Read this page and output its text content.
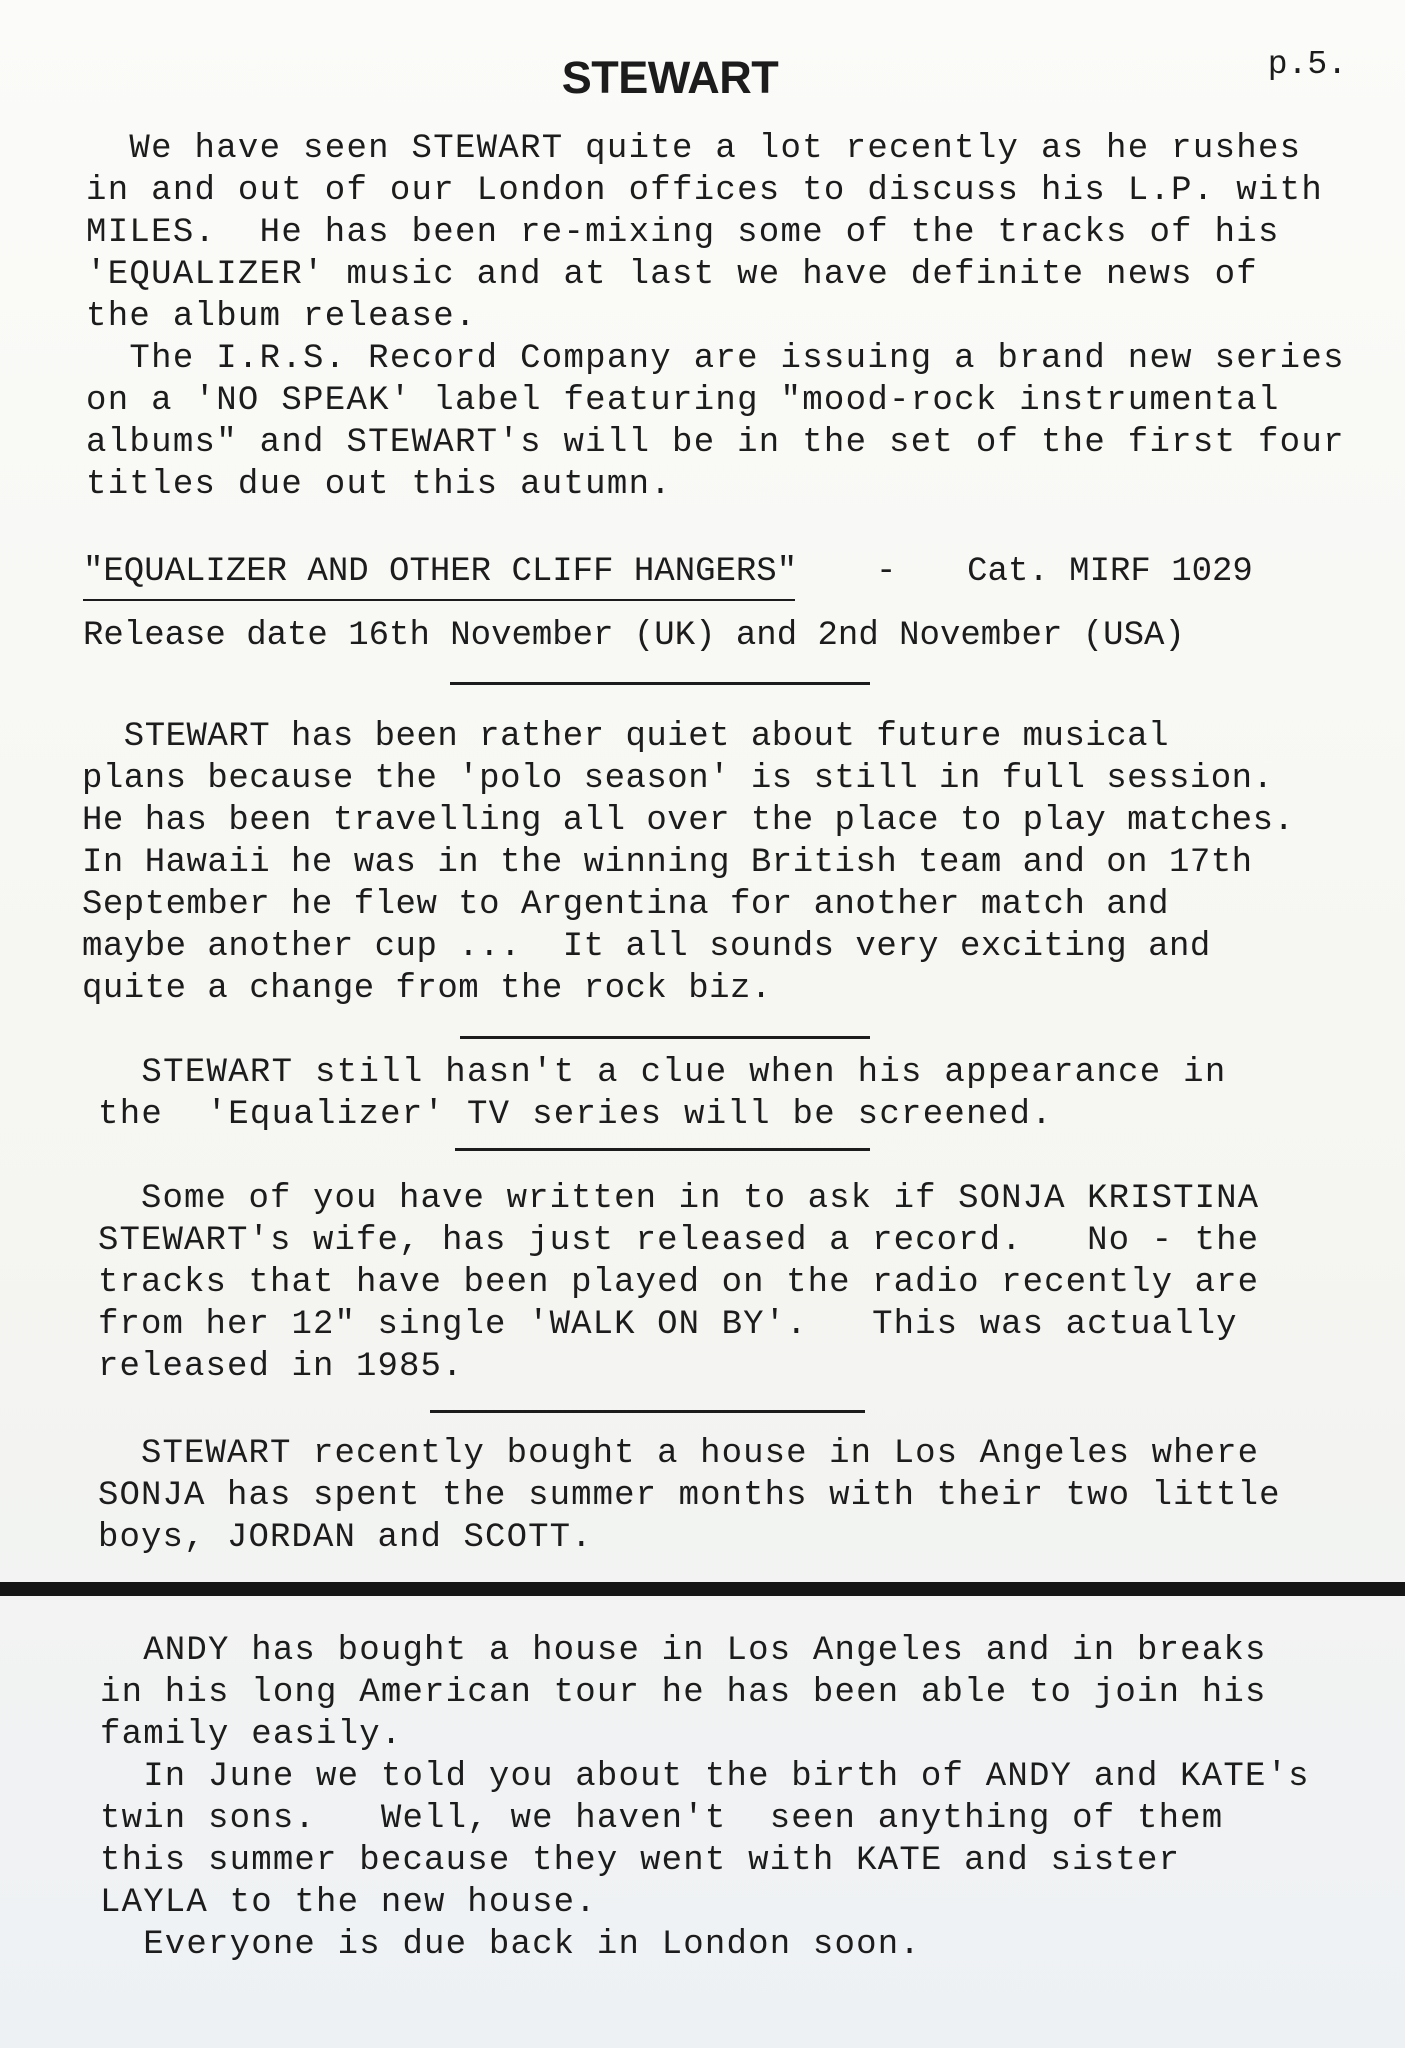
STEWART	p.5.
We have seen STEWART quite a lot recently as he rushes
in and out of our London offices to discuss his L.P. with
MILES.  He has been re-mixing some of the tracks of his
'EQUALIZER' music and at last we have definite news of
the album release.
The I.R.S. Record Company are issuing a brand new series
on a 'NO SPEAK' label featuring "mood-rock instrumental
albums" and STEWART's will be in the set of the first four
titles due out this autumn.
"EQUALIZER AND OTHER CLIFF HANGERS" - Cat. MIRF 1029
Release date 16th November (UK) and 2nd November (USA)
STEWART has been rather quiet about future musical
plans because the 'polo season' is still in full session.
He has been travelling all over the place to play matches.
In Hawaii he was in the winning British team and on 17th
September he flew to Argentina for another match and
maybe another cup ...  It all sounds very exciting and
quite a change from the rock biz.
STEWART still hasn't a clue when his appearance in
the  'Equalizer' TV series will be screened.
Some of you have written in to ask if SONJA KRISTINA
STEWART's wife, has just released a record.   No - the
tracks that have been played on the radio recently are
from her 12" single 'WALK ON BY'.   This was actually
released in 1985.
STEWART recently bought a house in Los Angeles where
SONJA has spent the summer months with their two little
boys, JORDAN and SCOTT.
ANDY has bought a house in Los Angeles and in breaks
in his long American tour he has been able to join his
family easily.
In June we told you about the birth of ANDY and KATE's
twin sons.   Well, we haven't  seen anything of them
this summer because they went with KATE and sister
LAYLA to the new house.
Everyone is due back in London soon.
